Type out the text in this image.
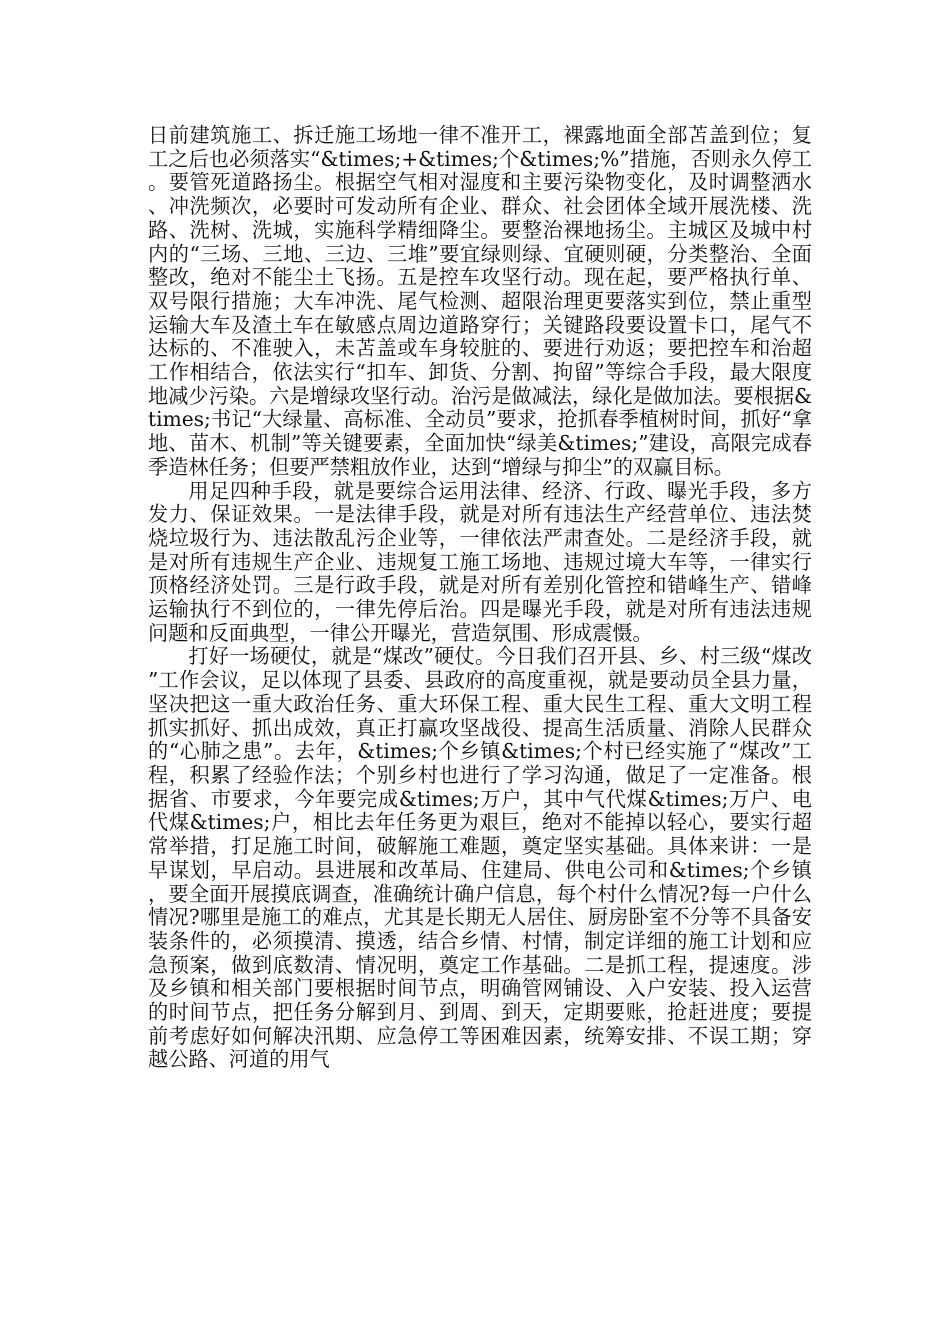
日前建筑施工、拆迁施工场地一律不准开工，裸露地面全部苫盖到位；复工之后也必须落实“&times;+&times;个&times;%”措施，否则永久停工。要管死道路扬尘。根据空气相对湿度和主要污染物变化，及时调整洒水、冲洗频次，必要时可发动所有企业、群众、社会团体全域开展洗楼、洗路、洗树、洗城，实施科学精细降尘。要整治裸地扬尘。主城区及城中村内的“三场、三地、三边、三堆”要宜绿则绿、宜硬则硬，分类整治、全面整改，绝对不能尘土飞扬。五是控车攻坚行动。现在起，要严格执行单、双号限行措施；大车冲洗、尾气检测、超限治理更要落实到位，禁止重型运输大车及渣土车在敏感点周边道路穿行；关键路段要设置卡口，尾气不达标的、不准驶入，未苫盖或车身较脏的、要进行劝返；要把控车和治超工作相结合，依法实行“扣车、卸货、分割、拘留”等综合手段，最大限度地减少污染。六是增绿攻坚行动。治污是做减法，绿化是做加法。要根据&times;书记“大绿量、高标准、全动员”要求，抢抓春季植树时间，抓好“拿地、苗木、机制”等关键要素，全面加快“绿美&times;”建设，高限完成春季造林任务；但要严禁粗放作业，达到“增绿与抑尘”的双赢目标。

用足四种手段，就是要综合运用法律、经济、行政、曝光手段，多方发力、保证效果。一是法律手段，就是对所有违法生产经营单位、违法焚烧垃圾行为、违法散乱污企业等，一律依法严肃查处。二是经济手段，就是对所有违规生产企业、违规复工施工场地、违规过境大车等，一律实行顶格经济处罚。三是行政手段，就是对所有差别化管控和错峰生产、错峰运输执行不到位的，一律先停后治。四是曝光手段，就是对所有违法违规问题和反面典型，一律公开曝光，营造氛围、形成震慑。

打好一场硬仗，就是“煤改”硬仗。今日我们召开县、乡、村三级“煤改”工作会议，足以体现了县委、县政府的高度重视，就是要动员全县力量，坚决把这一重大政治任务、重大环保工程、重大民生工程、重大文明工程抓实抓好、抓出成效，真正打赢攻坚战役、提高生活质量、消除人民群众的“心肺之患”。去年，&times;个乡镇&times;个村已经实施了“煤改”工程，积累了经验作法；个别乡村也进行了学习沟通，做足了一定准备。根据省、市要求，今年要完成&times;万户，其中气代煤&times;万户、电代煤&times;户，相比去年任务更为艰巨，绝对不能掉以轻心，要实行超常举措，打足施工时间，破解施工难题，奠定坚实基础。具体来讲：一是早谋划，早启动。县进展和改革局、住建局、供电公司和&times;个乡镇，要全面开展摸底调查，准确统计确户信息，每个村什么情况?每一户什么情况?哪里是施工的难点，尤其是长期无人居住、厨房卧室不分等不具备安装条件的，必须摸清、摸透，结合乡情、村情，制定详细的施工计划和应急预案，做到底数清、情况明，奠定工作基础。二是抓工程，提速度。涉及乡镇和相关部门要根据时间节点，明确管网铺设、入户安装、投入运营的时间节点，把任务分解到月、到周、到天，定期要账，抢赶进度；要提前考虑好如何解决汛期、应急停工等困难因素，统筹安排、不误工期；穿越公路、河道的用气
